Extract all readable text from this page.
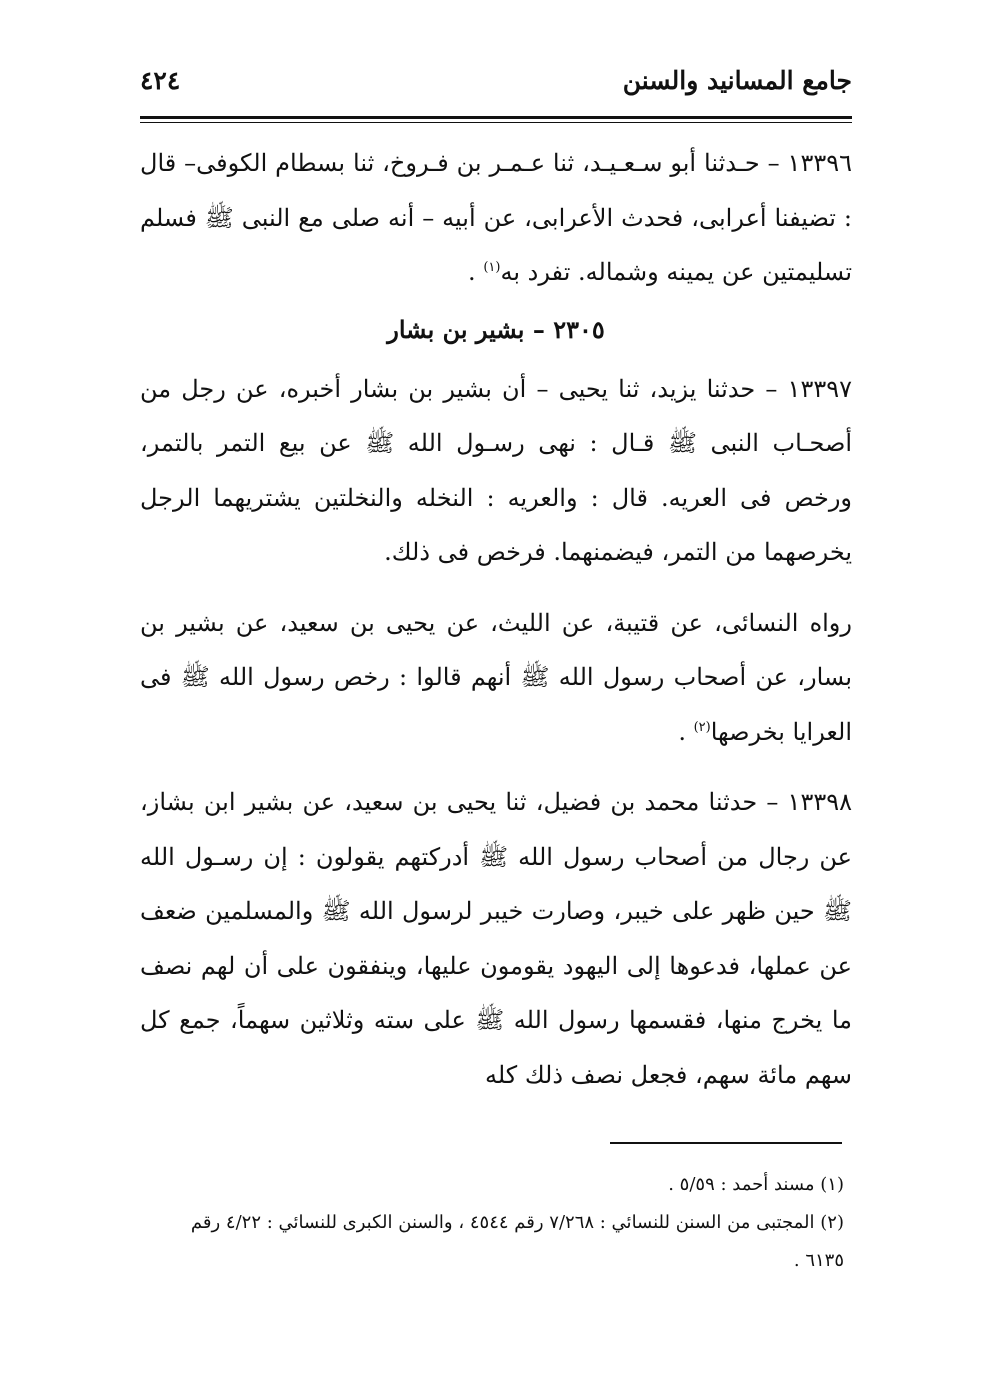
جامع المسانيد والسنن
٤٢٤

١٣٣٩٦ – حـدثنا أبو سـعـيـد، ثنا عـمـر بن فـروخ، ثنا بسطام الكوفى– قال : تضيفنا أعرابى، فحدث الأعرابى، عن أبيه – أنه صلى مع النبى ﷺ فسلم تسليمتين عن يمينه وشماله. تفرد به$^{(١)}$ .

٢٣٠٥ – بشير بن بشار

١٣٣٩٧ – حدثنا يزيد، ثنا يحيى – أن بشير بن بشار أخبره، عن رجل من أصحـاب النبى ﷺ قـال : نهى رسـول الله ﷺ عن بيع التمر بالتمر، ورخص فى العريه. قال : والعريه : النخله والنخلتين يشتريهما الرجل يخرصهما من التمر، فيضمنهما. فرخص فى ذلك.

رواه النسائى، عن قتيبة، عن الليث، عن يحيى بن سعيد، عن بشير بن بسار، عن أصحاب رسول الله ﷺ أنهم قالوا : رخص رسول الله ﷺ فى العرايا بخرصها$^{(٢)}$ .

١٣٣٩٨ – حدثنا محمد بن فضيل، ثنا يحيى بن سعيد، عن بشير ابن بشاز، عن رجال من أصحاب رسول الله ﷺ أدركتهم يقولون : إن رسـول الله ﷺ حين ظهر على خيبر، وصارت خيبر لرسول الله ﷺ والمسلمين ضعف عن عملها، فدعوها إلى اليهود يقومون عليها، وينفقون على أن لهم نصف ما يخرج منها، فقسمها رسول الله ﷺ على سته وثلاثين سهماً، جمع كل سهم مائة سهم، فجعل نصف ذلك كله

(١) مسند أحمد : ٥/٥٩ .

(٢) المجتبى من السنن للنسائي : ٧/٢٦٨ رقم ٤٥٤٤ ، والسنن الكبرى للنسائي : ٤/٢٢ رقم

٦١٣٥ .
